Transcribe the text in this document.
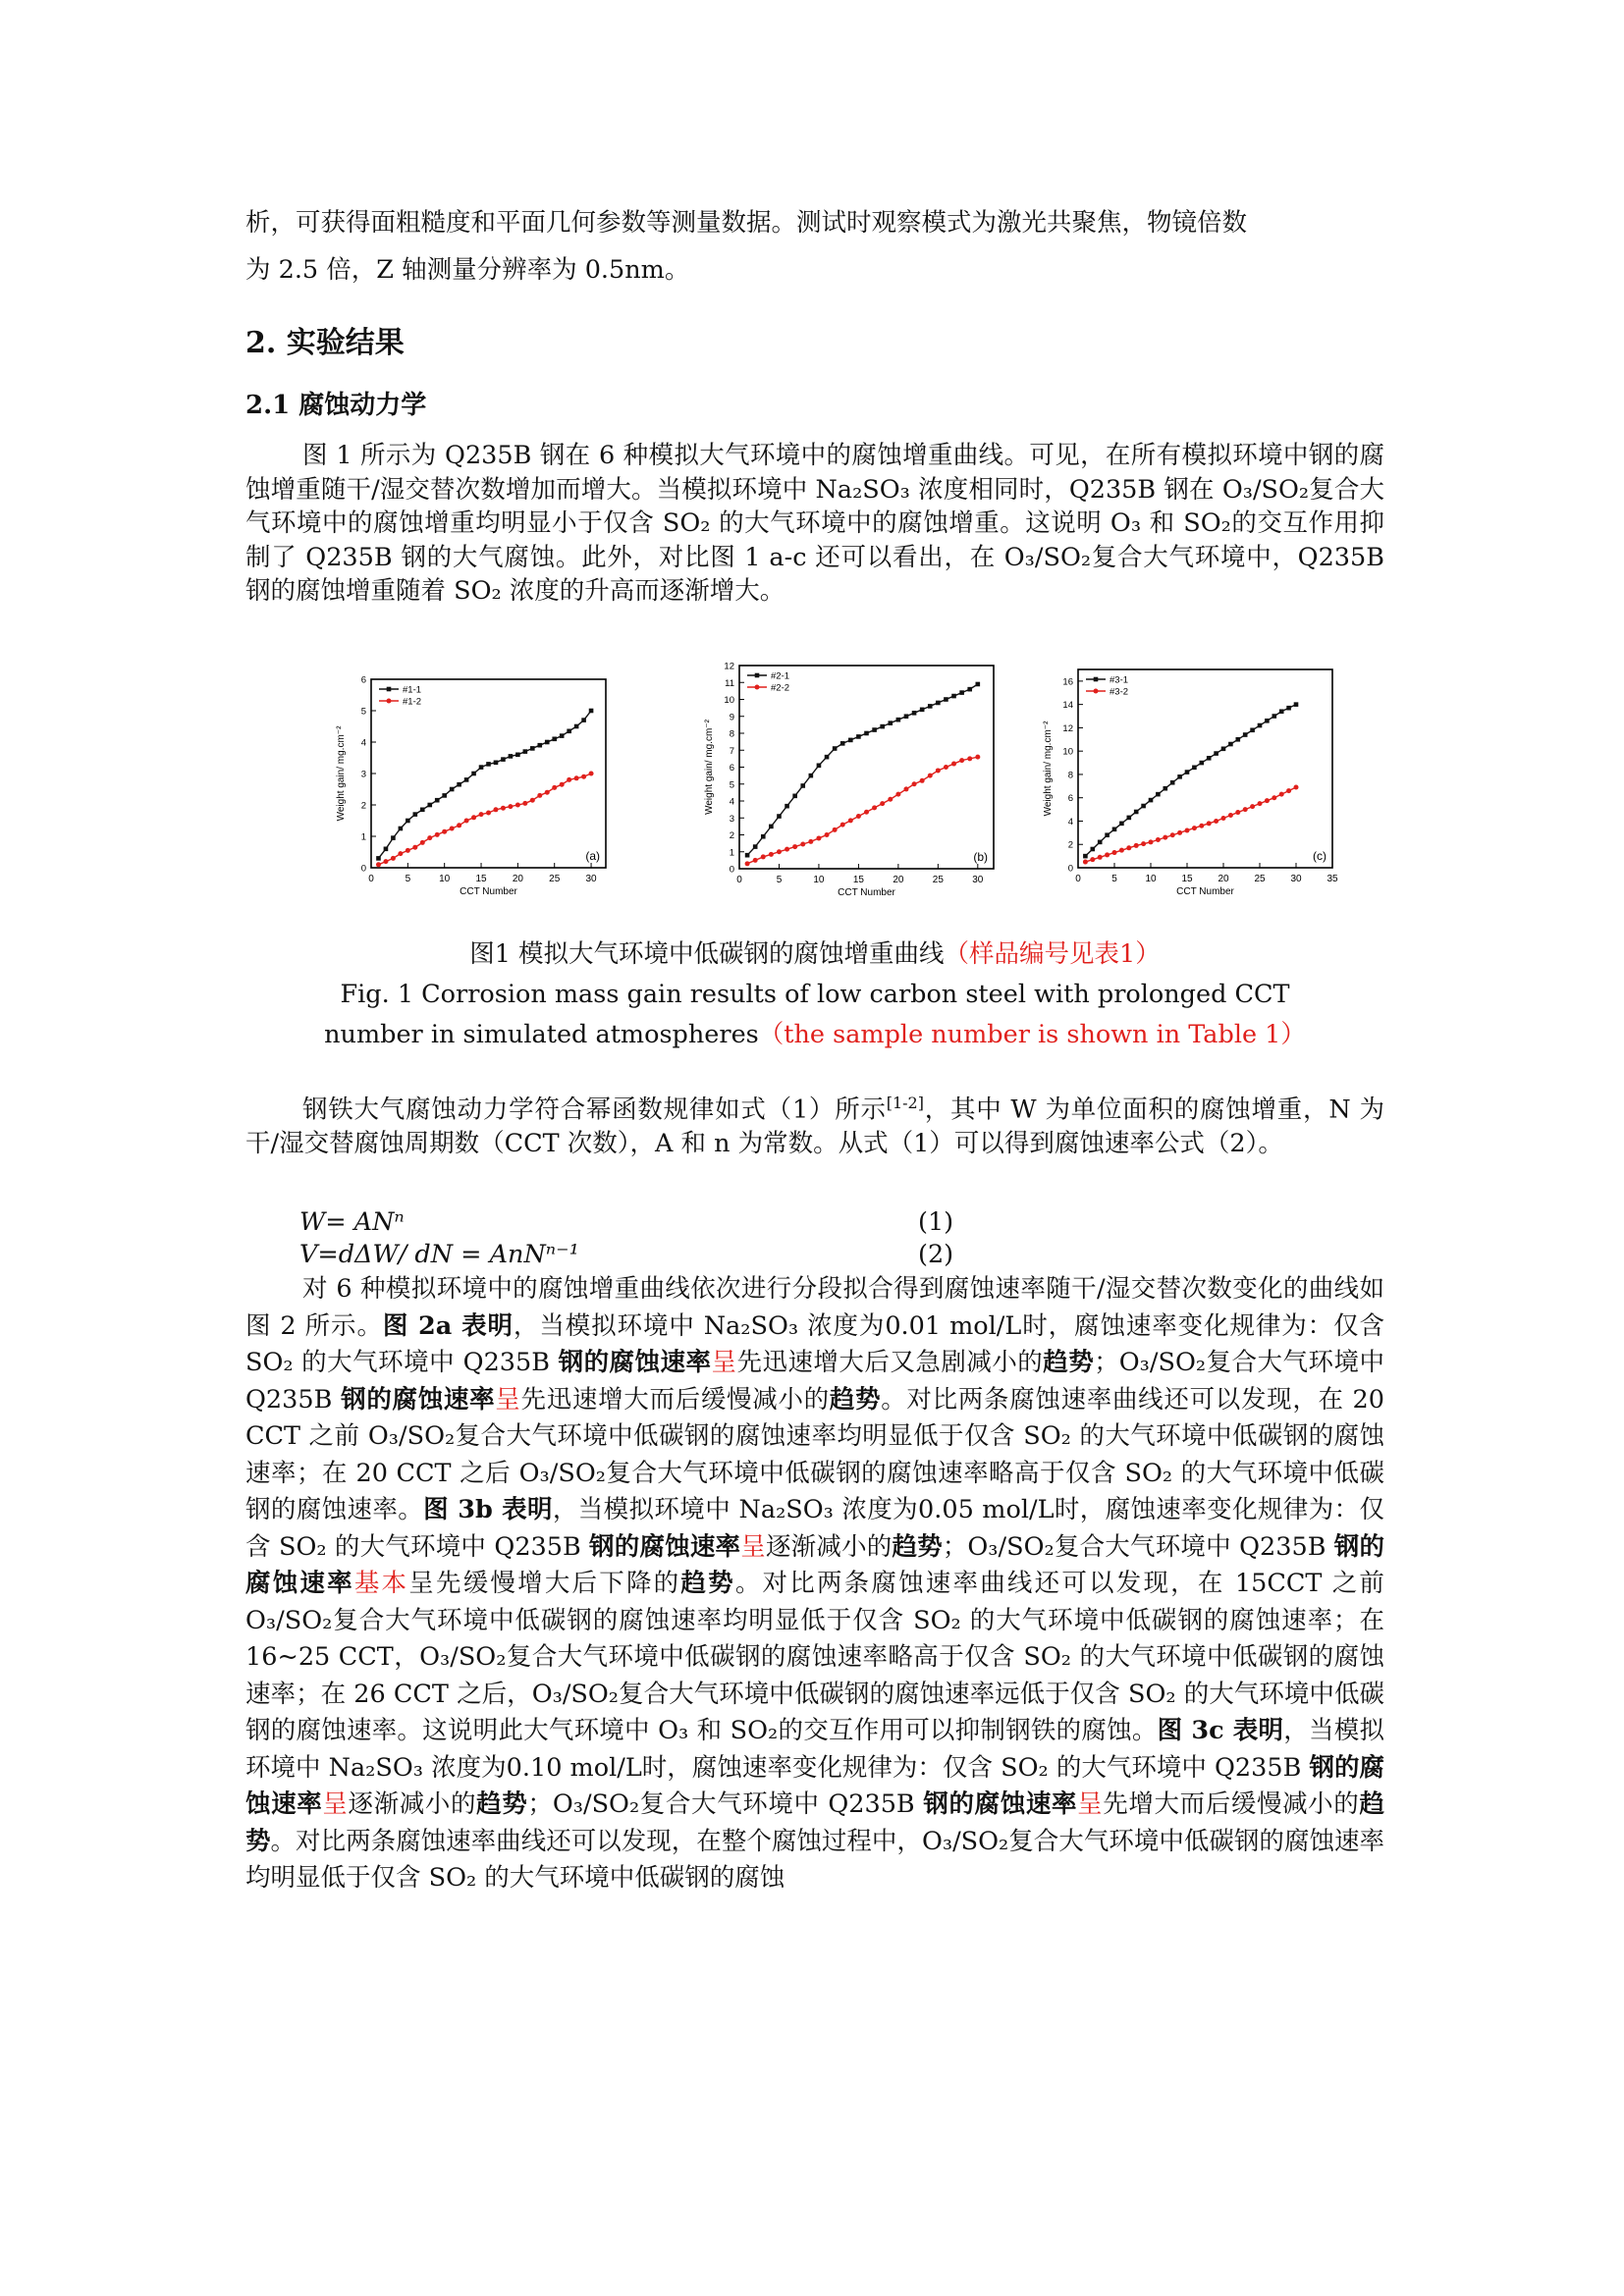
析，可获得面粗糙度和平面几何参数等测量数据。测试时观察模式为激光共聚焦，物镜倍数

为 2.5 倍，Z 轴测量分辨率为 0.5nm。

2. 实验结果
2.1 腐蚀动力学

图 1 所示为 Q235B 钢在 6 种模拟大气环境中的腐蚀增重曲线。可见，在所有模拟环境中钢的腐蚀增重随干/湿交替次数增加而增大。当模拟环境中 Na₂SO₃ 浓度相同时，Q235B 钢在 O₃/SO₂复合大气环境中的腐蚀增重均明显小于仅含 SO₂ 的大气环境中的腐蚀增重。这说明 O₃ 和 SO₂的交互作用抑制了 Q235B 钢的大气腐蚀。此外，对比图 1 a-c 还可以看出，在 O₃/SO₂复合大气环境中，Q235B 钢的腐蚀增重随着 SO₂ 浓度的升高而逐渐增大。

0	5	10	15	20	25	30
0
1
2
3
4
5
6
CCT Number
Weight gain/ mg.cm⁻²
(a)
#1-1
#1-2
0	5	10	15	20	25	30
0
1
2
3
4
5
6
7
8
9
10
11
12
CCT Number
Weight gain/ mg.cm⁻²
(b)
#2-1
#2-2
0	5	10	15	20	25	30	35
0
2
4
6
8
10
12
14
16
CCT Number
Weight gain/ mg.cm⁻²
(c)
#3-1
#3-2

图1 模拟大气环境中低碳钢的腐蚀增重曲线（样品编号见表1）

Fig. 1 Corrosion mass gain results of low carbon steel with prolonged CCT

number in simulated atmospheres（the sample number is shown in Table 1）

钢铁大气腐蚀动力学符合幂函数规律如式（1）所示[1-2]，其中 W 为单位面积的腐蚀增重，N 为干/湿交替腐蚀周期数（CCT 次数），A 和 n 为常数。从式（1）可以得到腐蚀速率公式（2）。

W= ANⁿ	(1)
V=dΔW/ dN = AnNⁿ⁻¹	(2)

对 6 种模拟环境中的腐蚀增重曲线依次进行分段拟合得到腐蚀速率随干/湿交替次数变化的曲线如图 2 所示。图 2a 表明，当模拟环境中 Na₂SO₃ 浓度为0.01 mol/L时，腐蚀速率变化规律为：仅含 SO₂ 的大气环境中 Q235B 钢的腐蚀速率呈先迅速增大后又急剧减小的趋势；O₃/SO₂复合大气环境中 Q235B 钢的腐蚀速率呈先迅速增大而后缓慢减小的趋势。对比两条腐蚀速率曲线还可以发现，在 20 CCT 之前 O₃/SO₂复合大气环境中低碳钢的腐蚀速率均明显低于仅含 SO₂ 的大气环境中低碳钢的腐蚀速率；在 20 CCT 之后 O₃/SO₂复合大气环境中低碳钢的腐蚀速率略高于仅含 SO₂ 的大气环境中低碳钢的腐蚀速率。图 3b 表明，当模拟环境中 Na₂SO₃ 浓度为0.05 mol/L时，腐蚀速率变化规律为：仅含 SO₂ 的大气环境中 Q235B 钢的腐蚀速率呈逐渐减小的趋势；O₃/SO₂复合大气环境中 Q235B 钢的腐蚀速率基本呈先缓慢增大后下降的趋势。对比两条腐蚀速率曲线还可以发现，在 15CCT 之前 O₃/SO₂复合大气环境中低碳钢的腐蚀速率均明显低于仅含 SO₂ 的大气环境中低碳钢的腐蚀速率；在 16~25 CCT，O₃/SO₂复合大气环境中低碳钢的腐蚀速率略高于仅含 SO₂ 的大气环境中低碳钢的腐蚀速率；在 26 CCT 之后，O₃/SO₂复合大气环境中低碳钢的腐蚀速率远低于仅含 SO₂ 的大气环境中低碳钢的腐蚀速率。这说明此大气环境中 O₃ 和 SO₂的交互作用可以抑制钢铁的腐蚀。图 3c 表明，当模拟环境中 Na₂SO₃ 浓度为0.10 mol/L时，腐蚀速率变化规律为：仅含 SO₂ 的大气环境中 Q235B 钢的腐蚀速率呈逐渐减小的趋势；O₃/SO₂复合大气环境中 Q235B 钢的腐蚀速率呈先增大而后缓慢减小的趋势。对比两条腐蚀速率曲线还可以发现，在整个腐蚀过程中，O₃/SO₂复合大气环境中低碳钢的腐蚀速率均明显低于仅含 SO₂ 的大气环境中低碳钢的腐蚀
